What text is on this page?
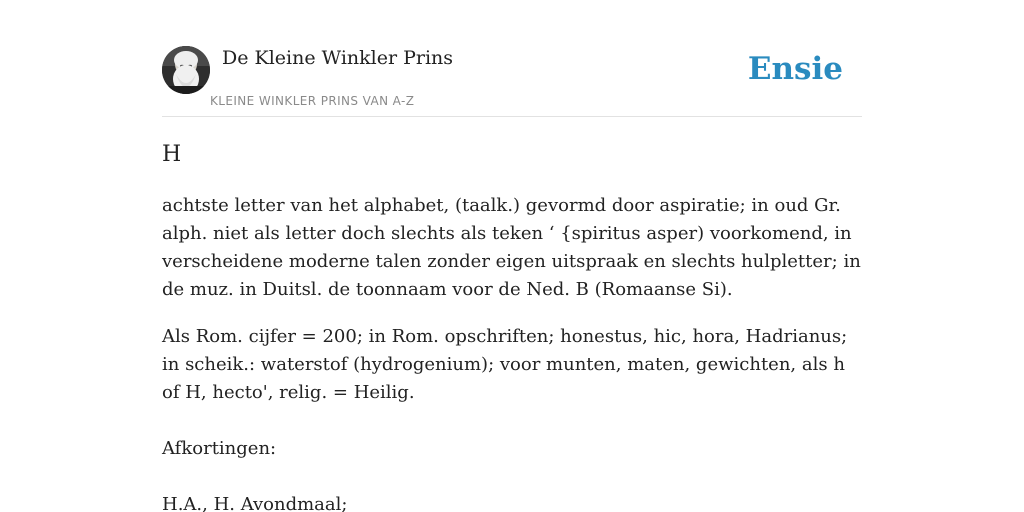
De Kleine Winkler Prins
KLEINE WINKLER PRINS VAN A-Z
Ensie
H

achtste letter van het alphabet, (taalk.) gevormd door aspiratie; in oud Gr. alph. niet als letter doch slechts als teken ‘ {spiritus asper) voorkomend, in verscheidene moderne talen zonder eigen uitspraak en slechts hulpletter; in de muz. in Duitsl. de toonnaam voor de Ned. B (Romaanse Si).

Als Rom. cijfer = 200; in Rom. opschriften; honestus, hic, hora, Hadrianus; in scheik.: waterstof (hydrogenium); voor munten, maten, gewichten, als h of H, hecto', relig. = Heilig.

Afkortingen:

H.A., H. Avondmaal;
